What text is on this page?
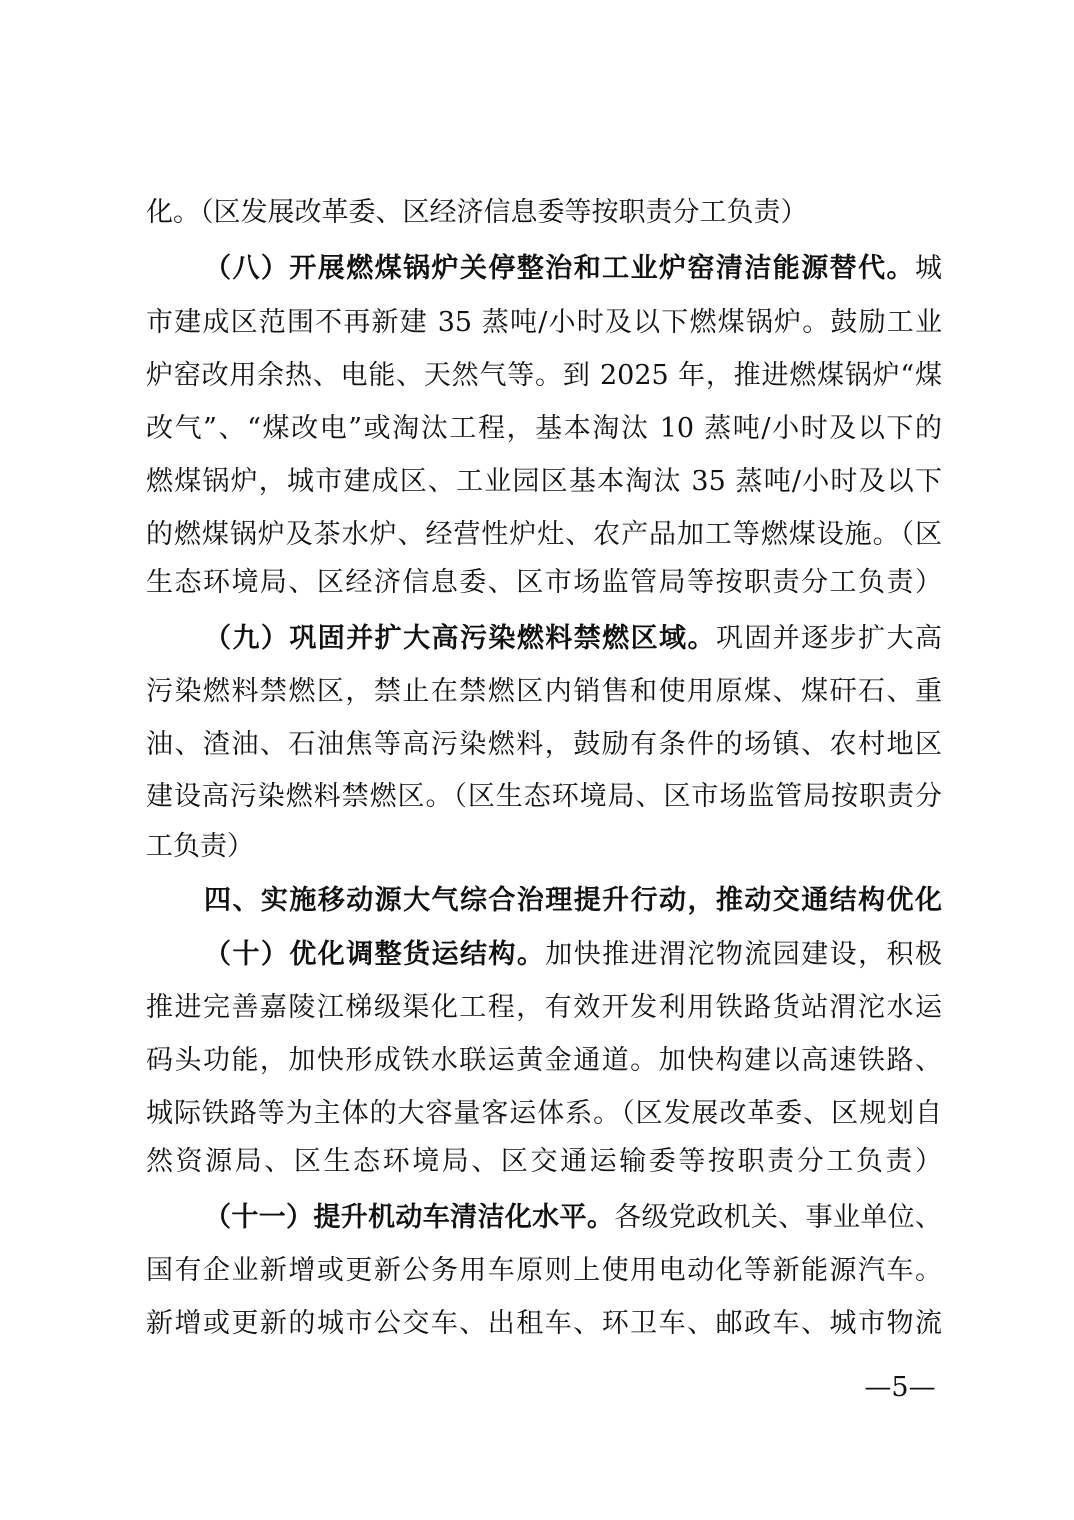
化。（区发展改革委、区经济信息委等按职责分工负责）
（八）开展燃煤锅炉关停整治和工业炉窑清洁能源替代。城
市建成区范围不再新建 35 蒸吨/小时及以下燃煤锅炉。鼓励工业
炉窑改用余热、电能、天然气等。到 2025 年，推进燃煤锅炉“煤
改气”、“煤改电”或淘汰工程，基本淘汰 10 蒸吨/小时及以下的
燃煤锅炉，城市建成区、工业园区基本淘汰 35 蒸吨/小时及以下
的燃煤锅炉及茶水炉、经营性炉灶、农产品加工等燃煤设施。（区
生态环境局、区经济信息委、区市场监管局等按职责分工负责）
（九）巩固并扩大高污染燃料禁燃区域。巩固并逐步扩大高
污染燃料禁燃区，禁止在禁燃区内销售和使用原煤、煤矸石、重
油、渣油、石油焦等高污染燃料，鼓励有条件的场镇、农村地区
建设高污染燃料禁燃区。（区生态环境局、区市场监管局按职责分
工负责）
四、实施移动源大气综合治理提升行动，推动交通结构优化
（十）优化调整货运结构。加快推进渭沱物流园建设，积极
推进完善嘉陵江梯级渠化工程，有效开发利用铁路货站渭沱水运
码头功能，加快形成铁水联运黄金通道。加快构建以高速铁路、
城际铁路等为主体的大容量客运体系。（区发展改革委、区规划自
然资源局、区生态环境局、区交通运输委等按职责分工负责）
（十一）提升机动车清洁化水平。各级党政机关、事业单位、
国有企业新增或更新公务用车原则上使用电动化等新能源汽车。
新增或更新的城市公交车、出租车、环卫车、邮政车、城市物流
—5—
